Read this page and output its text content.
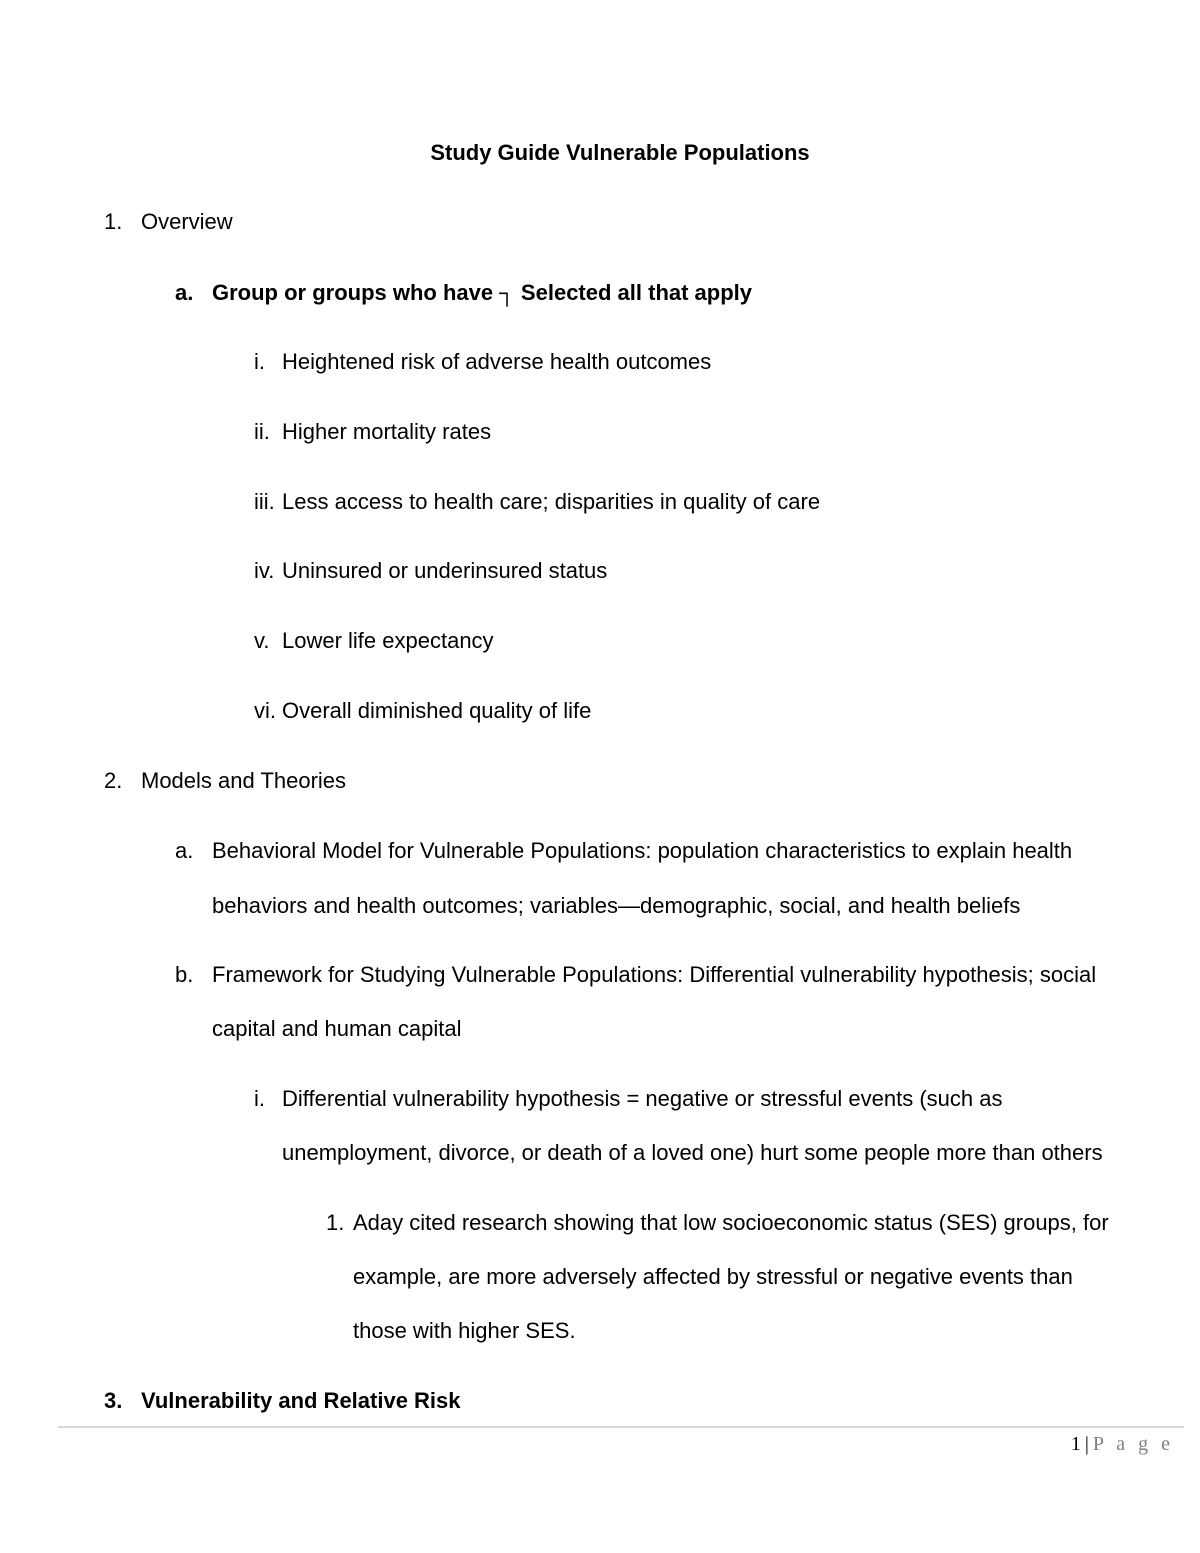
Study Guide Vulnerable Populations
1. Overview
a. Group or groups who have ┐ Selected all that apply
i. Heightened risk of adverse health outcomes
ii. Higher mortality rates
iii. Less access to health care; disparities in quality of care
iv. Uninsured or underinsured status
v. Lower life expectancy
vi. Overall diminished quality of life
2. Models and Theories
a. Behavioral Model for Vulnerable Populations: population characteristics to explain health
behaviors and health outcomes; variables—demographic, social, and health beliefs
b. Framework for Studying Vulnerable Populations: Differential vulnerability hypothesis; social
capital and human capital
i. Differential vulnerability hypothesis = negative or stressful events (such as
unemployment, divorce, or death of a loved one) hurt some people more than others
1. Aday cited research showing that low socioeconomic status (SES) groups, for
example, are more adversely affected by stressful or negative events than
those with higher SES.
3. Vulnerability and Relative Risk
1 | P a g e
